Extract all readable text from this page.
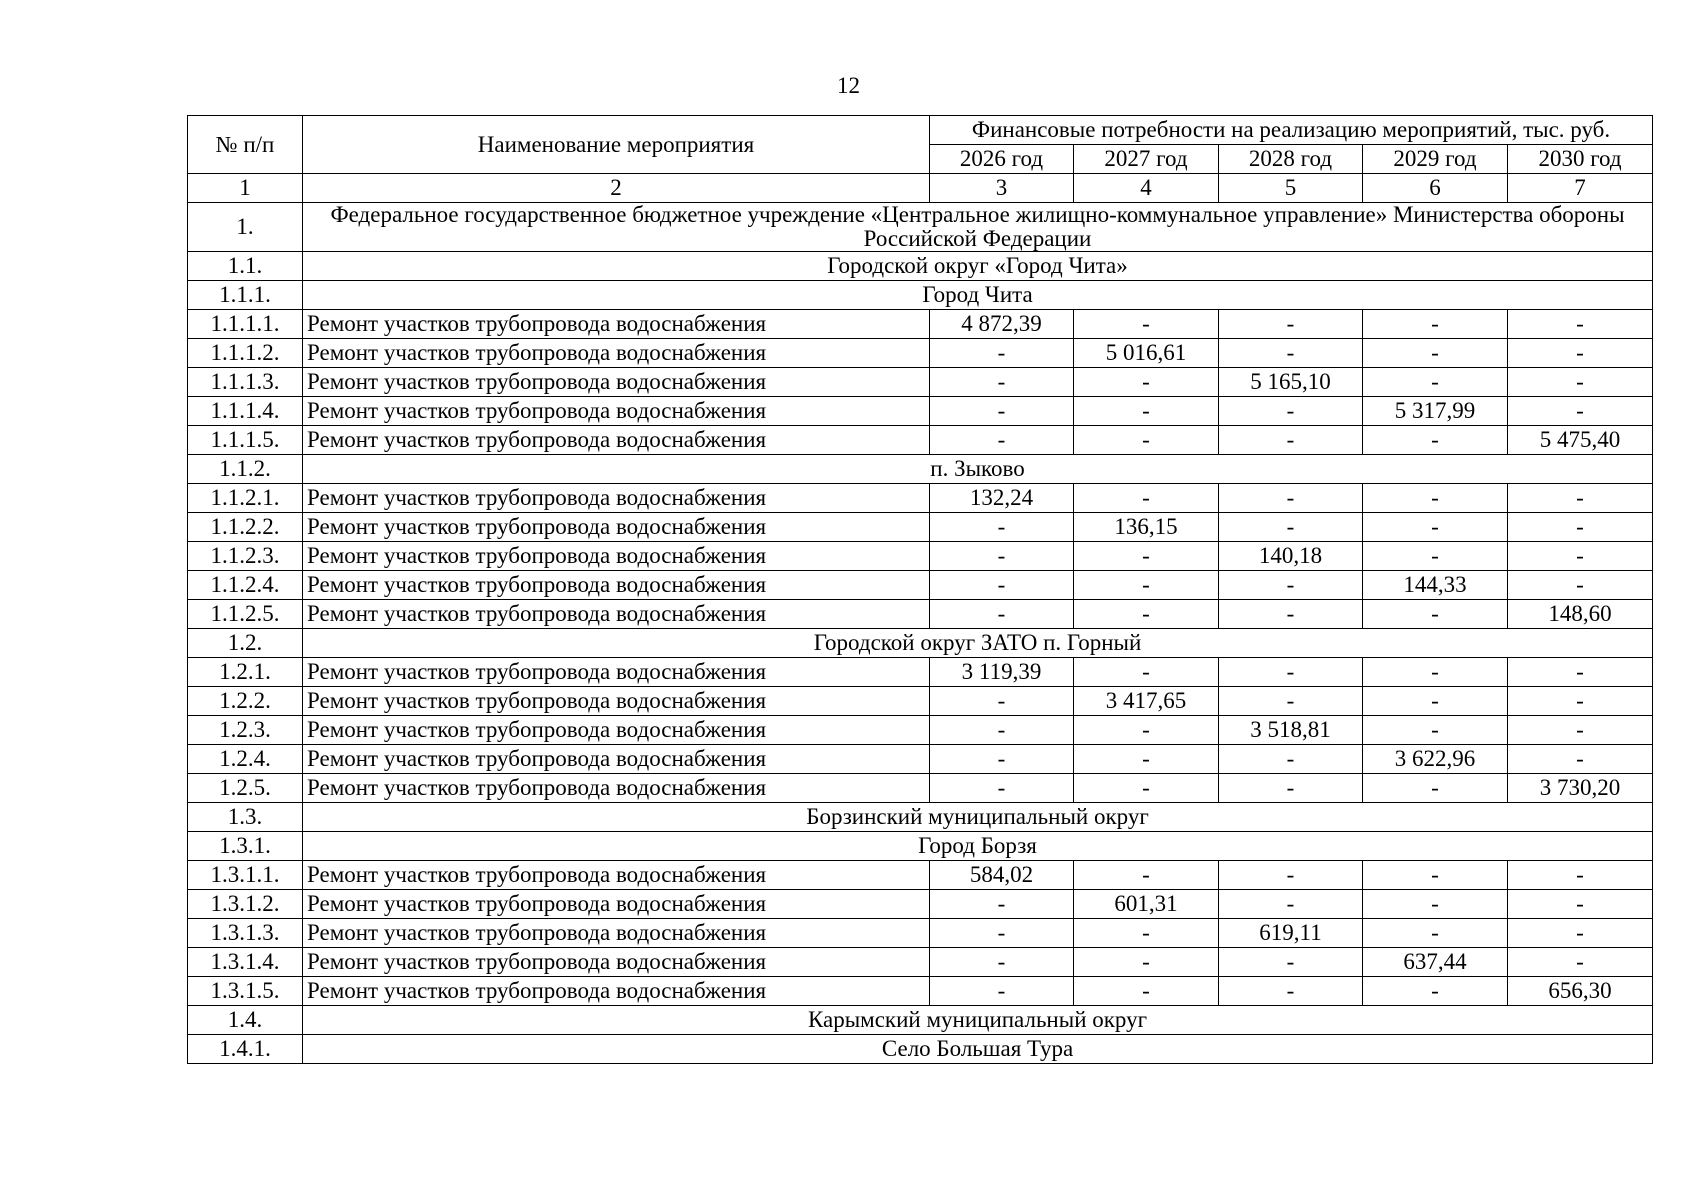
12
№ п/п	Наименование мероприятия	Финансовые потребности на реализацию мероприятий, тыс. руб.				
		2026 год	2027 год	2028 год	2029 год	2030 год
1	2	3	4	5	6	7
1.	Федеральное государственное бюджетное учреждение «Центральное жилищно-коммунальное управление» Министерства обороны Российской Федерации					
1.1.	Городской округ «Город Чита»					
1.1.1.	Город Чита					
1.1.1.1.	Ремонт участков трубопровода водоснабжения	4 872,39	-	-	-	-
1.1.1.2.	Ремонт участков трубопровода водоснабжения	-	5 016,61	-	-	-
1.1.1.3.	Ремонт участков трубопровода водоснабжения	-	-	5 165,10	-	-
1.1.1.4.	Ремонт участков трубопровода водоснабжения	-	-	-	5 317,99	-
1.1.1.5.	Ремонт участков трубопровода водоснабжения	-	-	-	-	5 475,40
1.1.2.	п. Зыково					
1.1.2.1.	Ремонт участков трубопровода водоснабжения	132,24	-	-	-	-
1.1.2.2.	Ремонт участков трубопровода водоснабжения	-	136,15	-	-	-
1.1.2.3.	Ремонт участков трубопровода водоснабжения	-	-	140,18	-	-
1.1.2.4.	Ремонт участков трубопровода водоснабжения	-	-	-	144,33	-
1.1.2.5.	Ремонт участков трубопровода водоснабжения	-	-	-	-	148,60
1.2.	Городской округ ЗАТО п. Горный					
1.2.1.	Ремонт участков трубопровода водоснабжения	3 119,39	-	-	-	-
1.2.2.	Ремонт участков трубопровода водоснабжения	-	3 417,65	-	-	-
1.2.3.	Ремонт участков трубопровода водоснабжения	-	-	3 518,81	-	-
1.2.4.	Ремонт участков трубопровода водоснабжения	-	-	-	3 622,96	-
1.2.5.	Ремонт участков трубопровода водоснабжения	-	-	-	-	3 730,20
1.3.	Борзинский муниципальный округ					
1.3.1.	Город Борзя					
1.3.1.1.	Ремонт участков трубопровода водоснабжения	584,02	-	-	-	-
1.3.1.2.	Ремонт участков трубопровода водоснабжения	-	601,31	-	-	-
1.3.1.3.	Ремонт участков трубопровода водоснабжения	-	-	619,11	-	-
1.3.1.4.	Ремонт участков трубопровода водоснабжения	-	-	-	637,44	-
1.3.1.5.	Ремонт участков трубопровода водоснабжения	-	-	-	-	656,30
1.4.	Карымский муниципальный округ					
1.4.1.	Село Большая Тура					
